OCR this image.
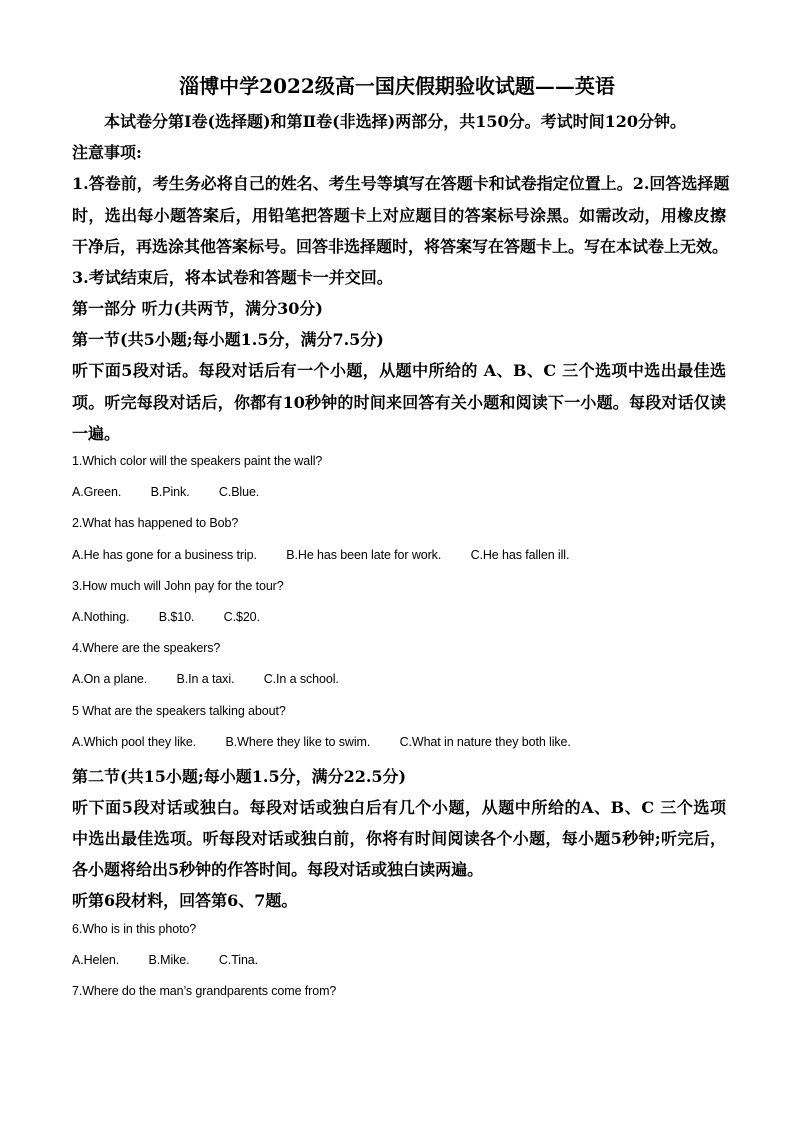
淄博中学2022级高一国庆假期验收试题——英语
本试卷分第Ⅰ卷(选择题)和第Ⅱ卷(非选择)两部分，共150分。考试时间120分钟。
注意事项:
1.答卷前，考生务必将自己的姓名、考生号等填写在答题卡和试卷指定位置上。2.回答选择题
时，选出每小题答案后，用铅笔把答题卡上对应题目的答案标号涂黑。如需改动，用橡皮擦
干净后，再选涂其他答案标号。回答非选择题时，将答案写在答题卡上。写在本试卷上无效。
3.考试结束后，将本试卷和答题卡一并交回。
第一部分 听力(共两节，满分30分)
第一节(共5小题;每小题1.5分，满分7.5分)
听下面5段对话。每段对话后有一个小题，从题中所给的 A、B、C 三个选项中选出最佳选
项。听完每段对话后，你都有10秒钟的时间来回答有关小题和阅读下一小题。每段对话仅读
一遍。
1.Which color will the speakers paint the wall?
A.Green. B.Pink. C.Blue.
2.What has happened to Bob?
A.He has gone for a business trip. B.He has been late for work. C.He has fallen ill.
3.How much will John pay for the tour?
A.Nothing. B.$10. C.$20.
4.Where are the speakers?
A.On a plane. B.In a taxi. C.In a school.
5 What are the speakers talking about?
A.Which pool they like. B.Where they like to swim. C.What in nature they both like.
第二节(共15小题;每小题1.5分，满分22.5分)
听下面5段对话或独白。每段对话或独白后有几个小题，从题中所给的A、B、C 三个选项
中选出最佳选项。听每段对话或独白前，你将有时间阅读各个小题，每小题5秒钟;听完后，
各小题将给出5秒钟的作答时间。每段对话或独白读两遍。
听第6段材料，回答第6、7题。
6.Who is in this photo?
A.Helen. B.Mike. C.Tina.
7.Where do the man’s grandparents come from?
